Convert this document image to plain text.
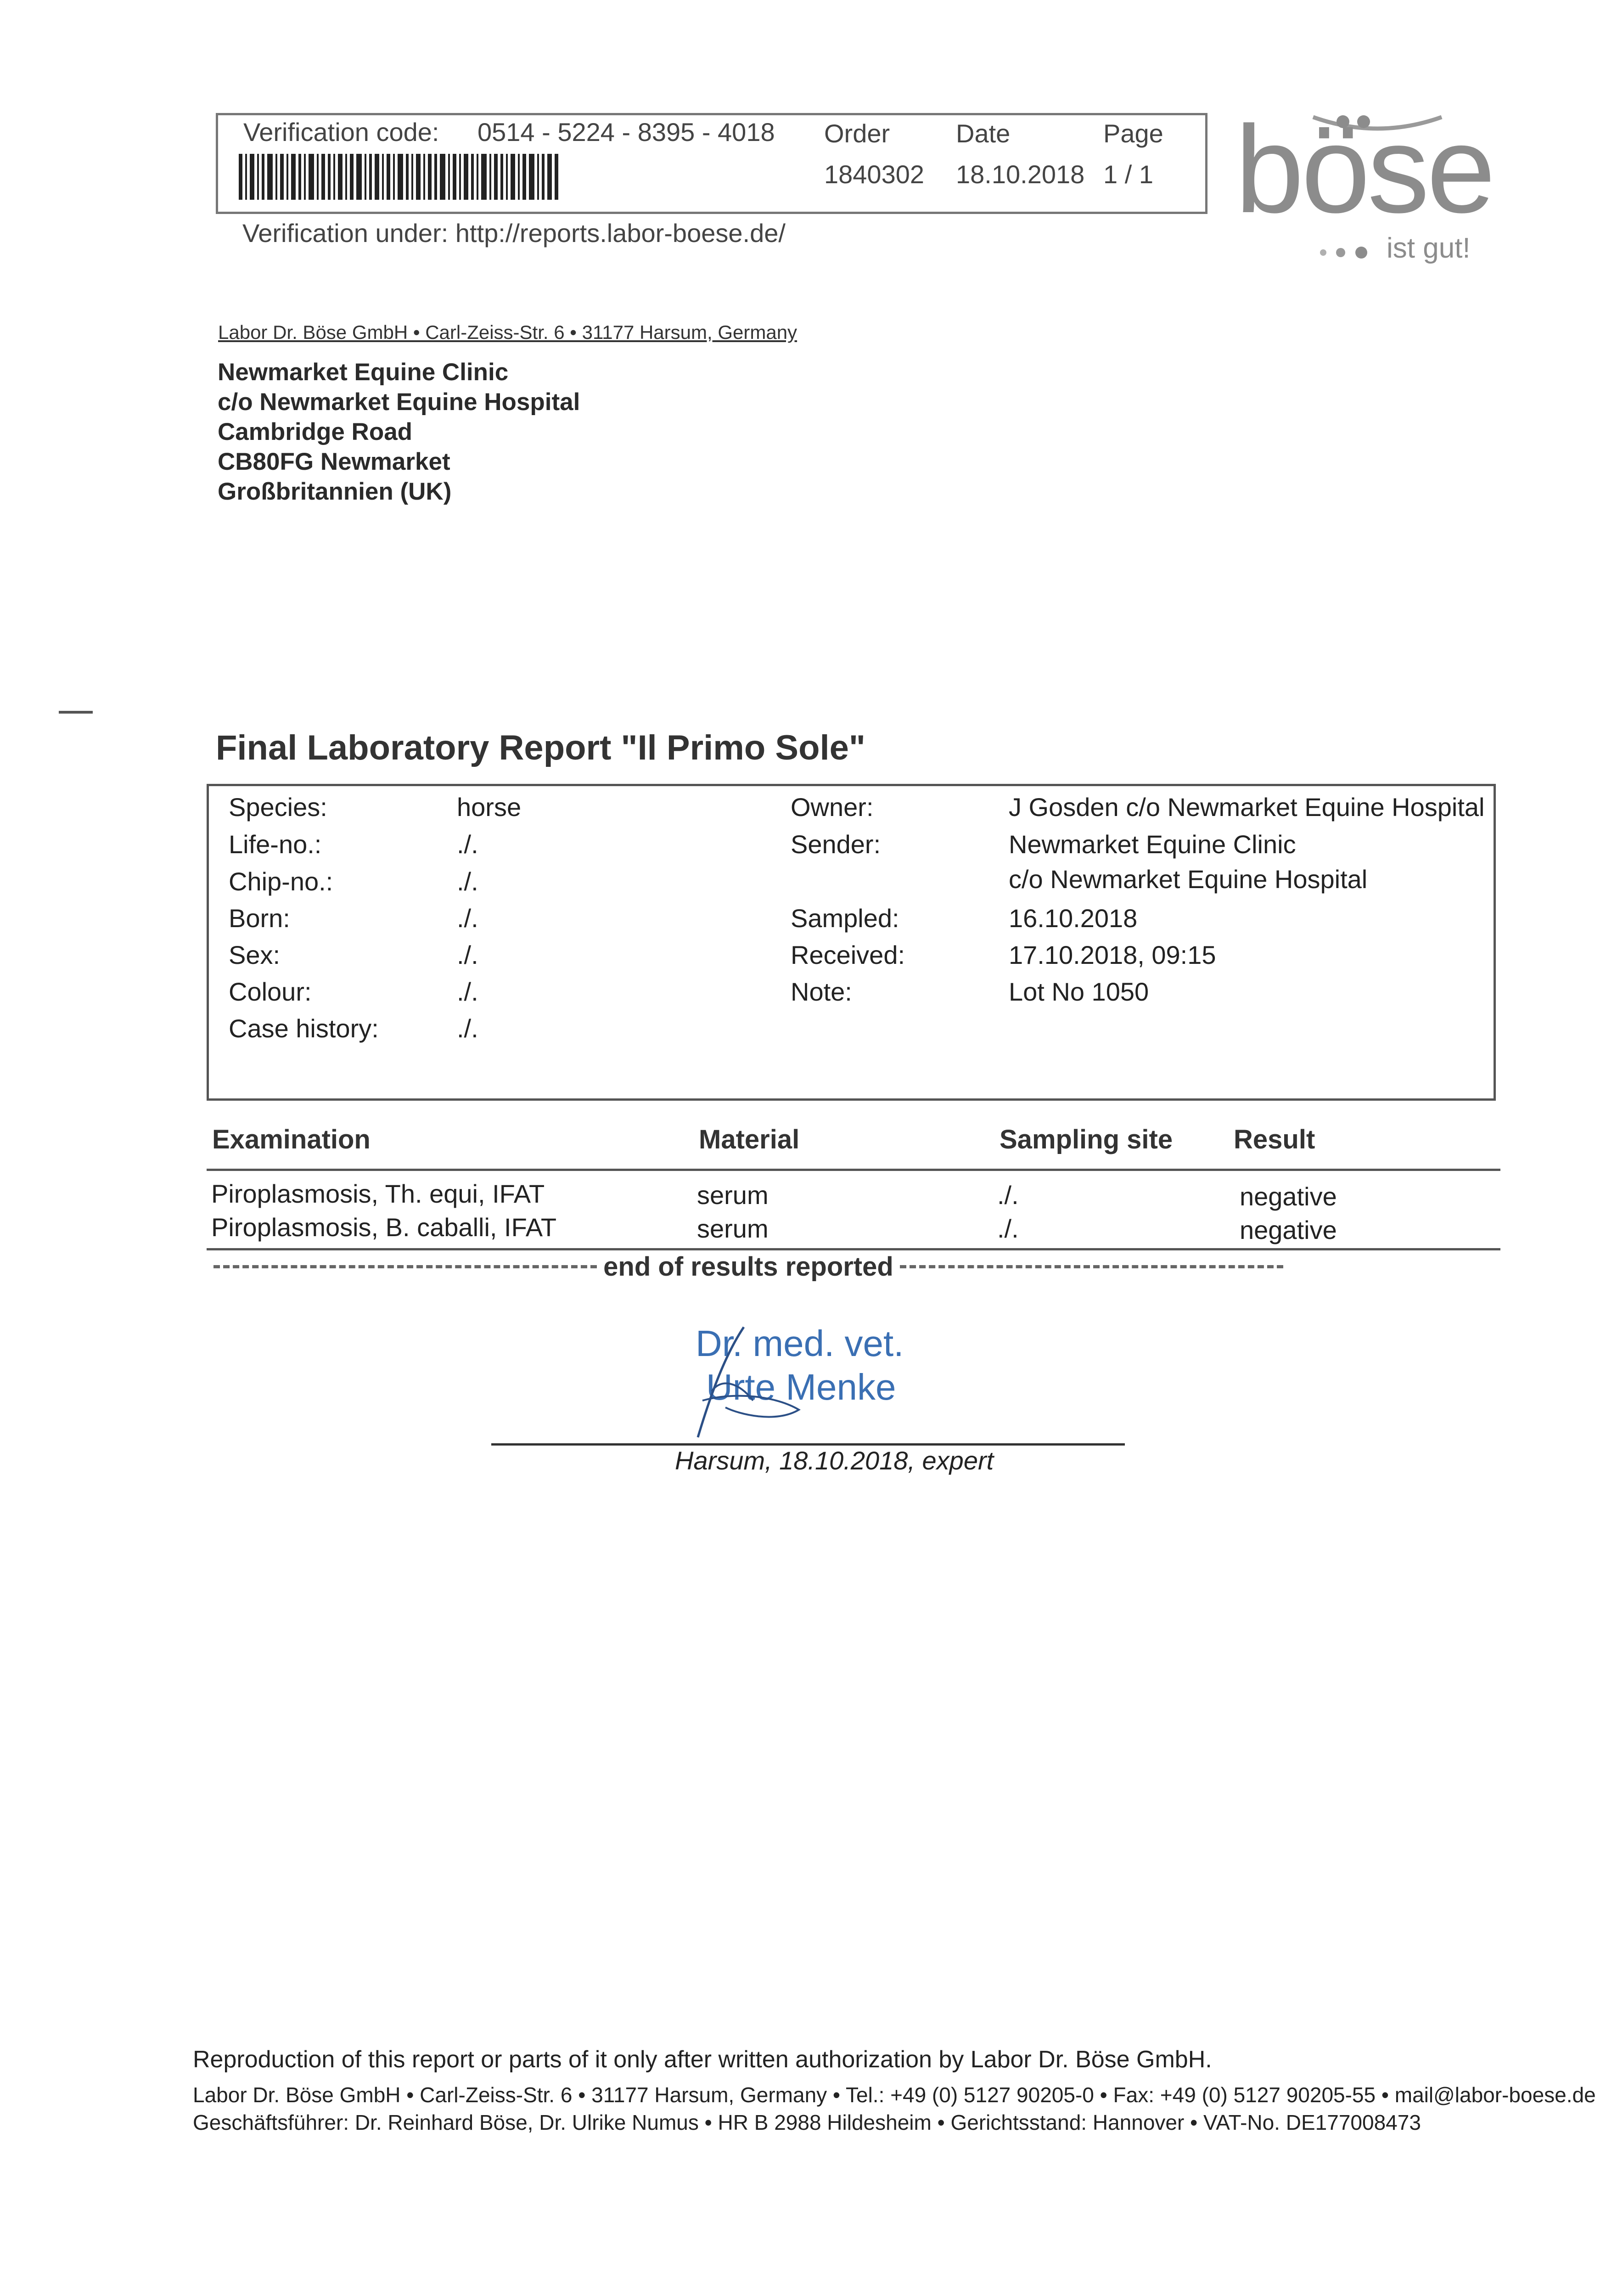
Verification code: 0514 - 5224 - 8395 - 4018 Order
1840302
Date
18.10.2018
Page
1 / 1
Verification under: http://reports.labor-boese.de/	böse
ist gut!
Labor Dr. Böse GmbH • Carl-Zeiss-Str. 6 • 31177 Harsum, Germany
Newmarket Equine Clinic
c/o Newmarket Equine Hospital
Cambridge Road
CB80FG Newmarket
Großbritannien (UK)
Final Laboratory Report "Il Primo Sole"
Species:	horse
Life-no.:	./.
Chip-no.:	./.
Born:	./.
Sex:	./.
Colour:	./.
Case history:	./.
Owner:	J Gosden c/o Newmarket Equine Hospital
Sender:	Newmarket Equine Clinic
c/o Newmarket Equine Hospital
Sampled:	16.10.2018
Received:	17.10.2018, 09:15
Note:	Lot No 1050
Examination	Material	Sampling site Result
Piroplasmosis, Th. equi, IFAT	serum	./.	negative
Piroplasmosis, B. caballi, IFAT	serum	./.	negative
end of results reported
Dr. med. vet.
Urte Menke
Harsum, 18.10.2018, expert
Reproduction of this report or parts of it only after written authorization by Labor Dr. Böse GmbH.
Labor Dr. Böse GmbH • Carl-Zeiss-Str. 6 • 31177 Harsum, Germany • Tel.: +49 (0) 5127 90205-0 • Fax: +49 (0) 5127 90205-55 • mail@labor-boese.de
Geschäftsführer: Dr. Reinhard Böse, Dr. Ulrike Numus • HR B 2988 Hildesheim • Gerichtsstand: Hannover • VAT-No. DE177008473
